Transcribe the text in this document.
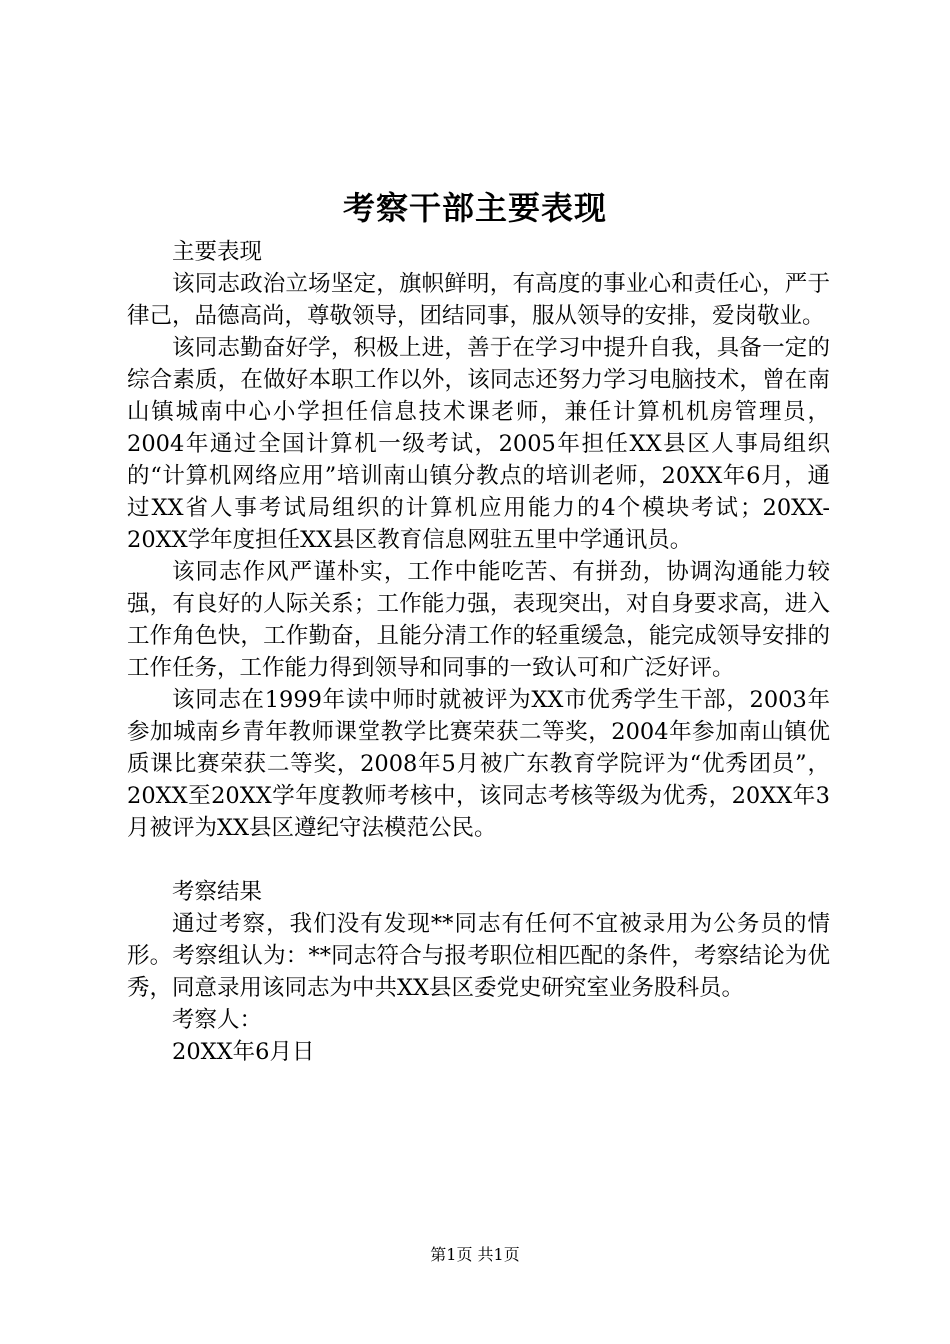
考察干部主要表现

主要表现

该同志政治立场坚定，旗帜鲜明，有高度的事业心和责任心，严于律己，品德高尚，尊敬领导，团结同事，服从领导的安排，爱岗敬业。

该同志勤奋好学，积极上进，善于在学习中提升自我，具备一定的综合素质，在做好本职工作以外，该同志还努力学习电脑技术，曾在南山镇城南中心小学担任信息技术课老师，兼任计算机机房管理员，2004年通过全国计算机一级考试，2005年担任XX县区人事局组织的“计算机网络应用”培训南山镇分教点的培训老师，20XX年6月，通过XX省人事考试局组织的计算机应用能力的4个模块考试；20XX-20XX学年度担任XX县区教育信息网驻五里中学通讯员。

该同志作风严谨朴实，工作中能吃苦、有拼劲，协调沟通能力较强，有良好的人际关系；工作能力强，表现突出，对自身要求高，进入工作角色快，工作勤奋，且能分清工作的轻重缓急，能完成领导安排的工作任务，工作能力得到领导和同事的一致认可和广泛好评。

该同志在1999年读中师时就被评为XX市优秀学生干部，2003年参加城南乡青年教师课堂教学比赛荣获二等奖，2004年参加南山镇优质课比赛荣获二等奖，2008年5月被广东教育学院评为“优秀团员”，20XX至20XX学年度教师考核中，该同志考核等级为优秀，20XX年3月被评为XX县区遵纪守法模范公民。

考察结果

通过考察，我们没有发现**同志有任何不宜被录用为公务员的情形。考察组认为：**同志符合与报考职位相匹配的条件，考察结论为优秀，同意录用该同志为中共XX县区委党史研究室业务股科员。

考察人：

20XX年6月日

第1页 共1页
